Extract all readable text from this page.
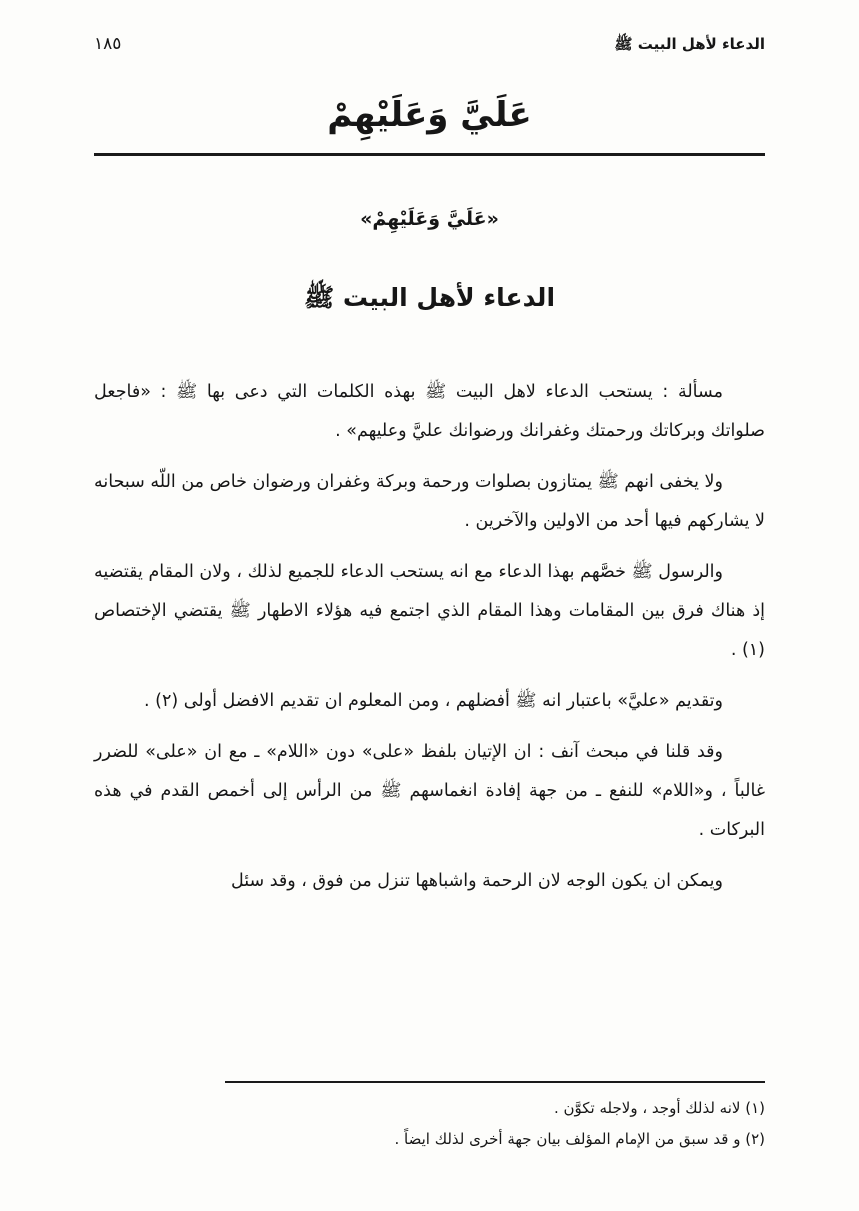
الدعاء لأهل البيت ﷺ
١٨٥
عَلَيَّ وَعَلَيْهِمْ
«عَلَيَّ وَعَلَيْهِمْ»
الدعاء لأهل البيت ﷺ

مسألة : يستحب الدعاء لاهل البيت ﷺ بهذه الكلمات التي دعى بها ﷺ : «فاجعل صلواتك وبركاتك ورحمتك وغفرانك ورضوانك عليَّ وعليهم» .

ولا يخفى انهم ﷺ يمتازون بصلوات ورحمة وبركة وغفران ورضوان خاص من اللّه سبحانه لا يشاركهم فيها أحد من الاولين والآخرين .

والرسول ﷺ خصَّهم بهذا الدعاء مع انه يستحب الدعاء للجميع لذلك ، ولان المقام يقتضيه إذ هناك فرق بين المقامات وهذا المقام الذي اجتمع فيه هؤلاء الاطهار ﷺ يقتضي الإختصاص (١) .

وتقديم «عليَّ» باعتبار انه ﷺ أفضلهم ، ومن المعلوم ان تقديم الافضل أولى (٢) .

وقد قلنا في مبحث آنف : ان الإتيان بلفظ «على» دون «اللام» ـ مع ان «على» للضرر غالباً ، و«اللام» للنفع ـ من جهة إفادة انغماسهم ﷺ من الرأس إلى أخمص القدم في هذه البركات .

ويمكن ان يكون الوجه لان الرحمة واشباهها تنزل من فوق ، وقد سئل

(١) لانه لذلك أوجد ، ولاجله تكوَّن .
(٢) و قد سبق من الإمام المؤلف بيان جهة أخرى لذلك ايضاً .
